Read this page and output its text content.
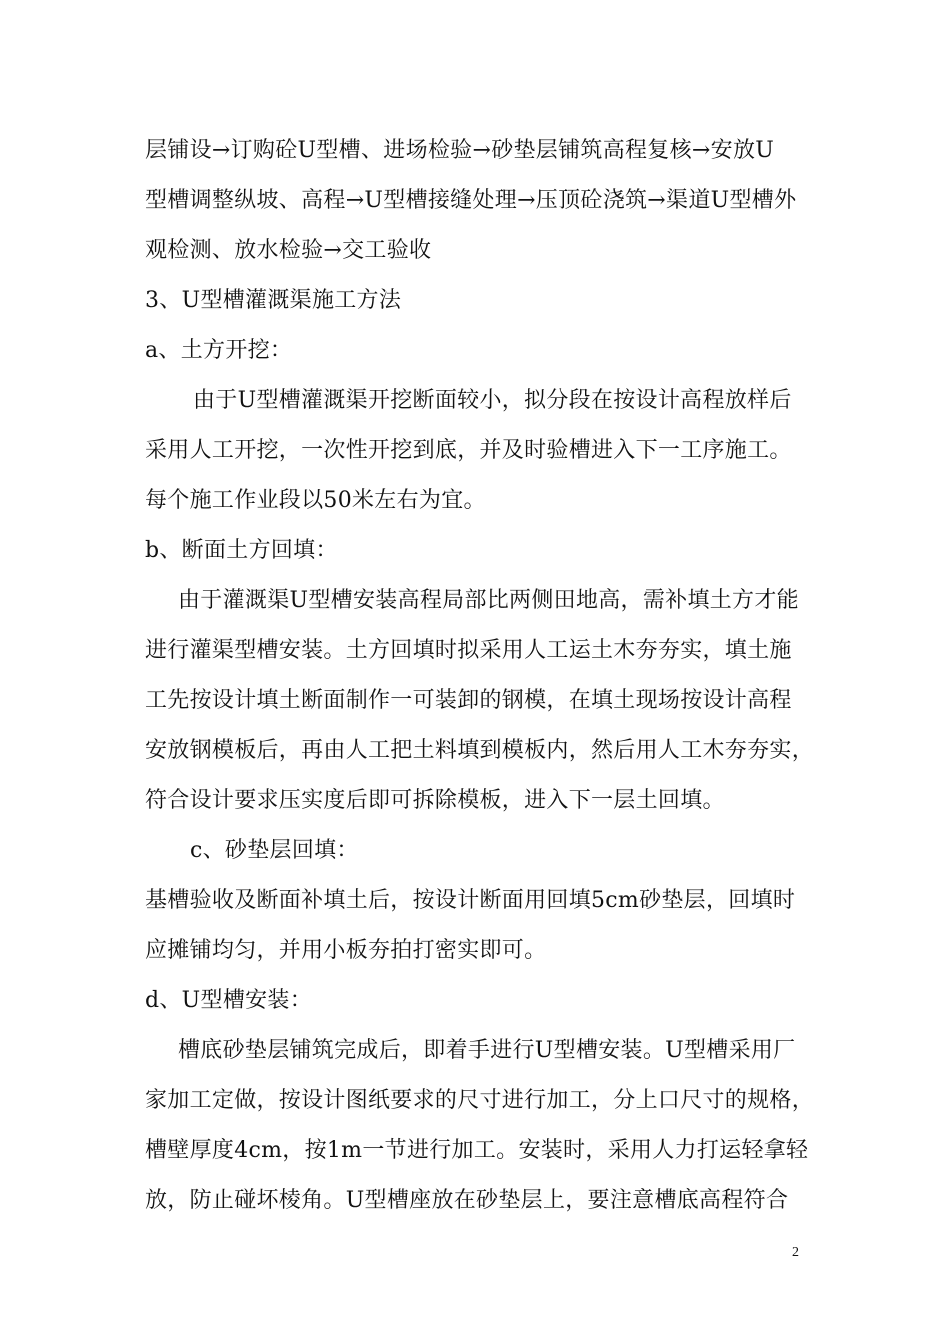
层铺设→订购砼U型槽、进场检验→砂垫层铺筑高程复核→安放U
型槽调整纵坡、高程→U型槽接缝处理→压顶砼浇筑→渠道U型槽外
观检测、放水检验→交工验收
3、U型槽灌溉渠施工方法
a、土方开挖：
由于U型槽灌溉渠开挖断面较小，拟分段在按设计高程放样后
采用人工开挖，一次性开挖到底，并及时验槽进入下一工序施工。
每个施工作业段以50米左右为宜。
b、断面土方回填：
由于灌溉渠U型槽安装高程局部比两侧田地高，需补填土方才能
进行灌渠型槽安装。土方回填时拟采用人工运土木夯夯实，填土施
工先按设计填土断面制作一可装卸的钢模，在填土现场按设计高程
安放钢模板后，再由人工把土料填到模板内，然后用人工木夯夯实，
符合设计要求压实度后即可拆除模板，进入下一层土回填。
c、砂垫层回填：
基槽验收及断面补填土后，按设计断面用回填5cm砂垫层，回填时
应摊铺均匀，并用小板夯拍打密实即可。
d、U型槽安装：
槽底砂垫层铺筑完成后，即着手进行U型槽安装。U型槽采用厂
家加工定做，按设计图纸要求的尺寸进行加工，分上口尺寸的规格，
槽壁厚度4cm，按1m一节进行加工。安装时，采用人力打运轻拿轻
放，防止碰坏棱角。U型槽座放在砂垫层上，要注意槽底高程符合
2
